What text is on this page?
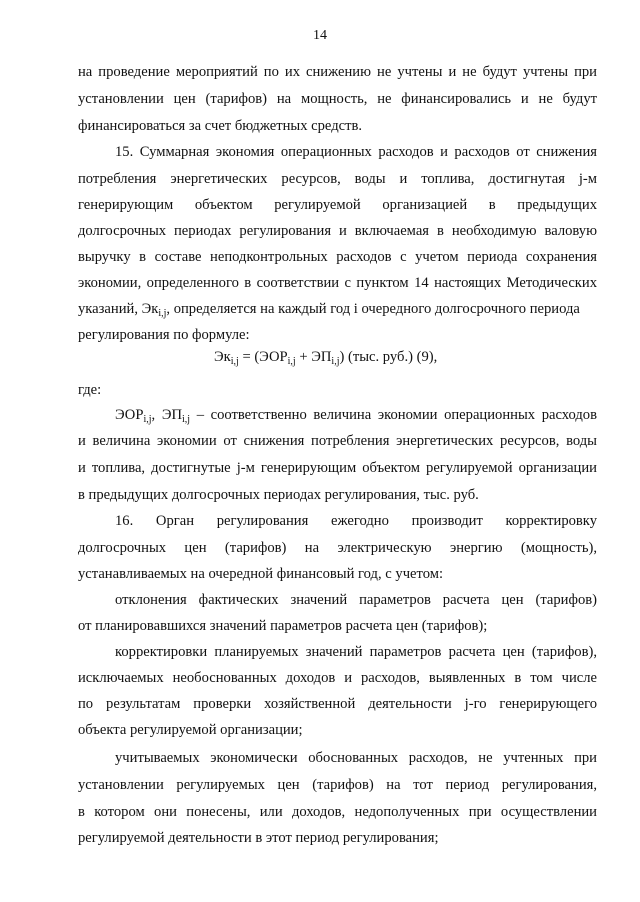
14
на проведение мероприятий по их снижению не учтены и не будут учтены при
установлении цен (тарифов) на мощность, не финансировались и не будут
финансироваться за счет бюджетных средств.
15. Суммарная экономия операционных расходов и расходов от снижения
потребления энергетических ресурсов, воды и топлива, достигнутая j-м
генерирующим объектом регулируемой организацией в предыдущих
долгосрочных периодах регулирования и включаемая в необходимую валовую
выручку в составе неподконтрольных расходов с учетом периода сохранения
экономии, определенного в соответствии с пунктом 14 настоящих Методических
указаний, $Эк_{i,j}$, определяется на каждый год i очередного долгосрочного периода
регулирования по формуле:
$Эк_{i,j} = (ЭОР_{i,j} + ЭП_{i,j})$ (тыс. руб.) (9),
где:
$ЭОР_{i,j}$, $ЭП_{i,j}$ – соответственно величина экономии операционных расходов
и величина экономии от снижения потребления энергетических ресурсов, воды
и топлива, достигнутые j-м генерирующим объектом регулируемой организации
в предыдущих долгосрочных периодах регулирования, тыс. руб.
16. Орган регулирования ежегодно производит корректировку
долгосрочных цен (тарифов) на электрическую энергию (мощность),
устанавливаемых на очередной финансовый год, с учетом:
отклонения фактических значений параметров расчета цен (тарифов)
от планировавшихся значений параметров расчета цен (тарифов);
корректировки планируемых значений параметров расчета цен (тарифов),
исключаемых необоснованных доходов и расходов, выявленных в том числе
по результатам проверки хозяйственной деятельности j-го генерирующего
объекта регулируемой организации;
учитываемых экономически обоснованных расходов, не учтенных при
установлении регулируемых цен (тарифов) на тот период регулирования,
в котором они понесены, или доходов, недополученных при осуществлении
регулируемой деятельности в этот период регулирования;
